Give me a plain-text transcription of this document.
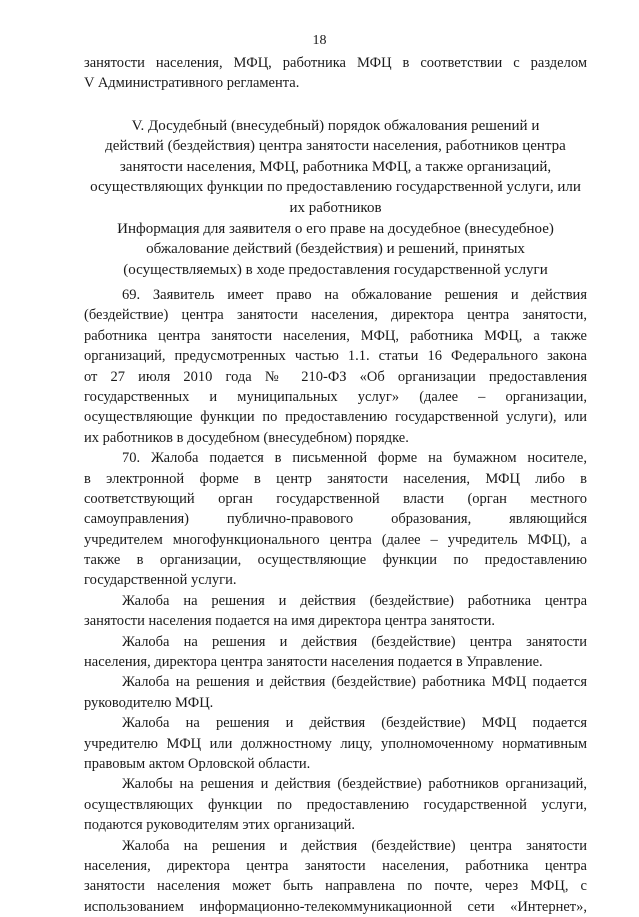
18
занятости населения, МФЦ, работника МФЦ в соответствии с разделом
V Административного регламента.
V. Досудебный (внесудебный) порядок обжалования решений и
действий (бездействия) центра занятости населения, работников центра
занятости населения, МФЦ, работника МФЦ, а также организаций,
осуществляющих функции по предоставлению государственной услуги, или
их работников
Информация для заявителя о его праве на досудебное (внесудебное)
обжалование действий (бездействия) и решений, принятых
(осуществляемых) в ходе предоставления государственной услуги
69. Заявитель имеет право на обжалование решения и действия
(бездействие) центра занятости населения, директора центра занятости,
работника центра занятости населения, МФЦ, работника МФЦ, а также
организаций, предусмотренных частью 1.1. статьи 16 Федерального закона
от 27 июля 2010 года № 210-ФЗ «Об организации предоставления
государственных и муниципальных услуг» (далее – организации,
осуществляющие функции по предоставлению государственной услуги), или
их работников в досудебном (внесудебном) порядке.
70. Жалоба подается в письменной форме на бумажном носителе,
в электронной форме в центр занятости населения, МФЦ либо в
соответствующий орган государственной власти (орган местного
самоуправления) публично-правового образования, являющийся
учредителем многофункционального центра (далее – учредитель МФЦ), а
также в организации, осуществляющие функции по предоставлению
государственной услуги.
Жалоба на решения и действия (бездействие) работника центра
занятости населения подается на имя директора центра занятости.
Жалоба на решения и действия (бездействие) центра занятости
населения, директора центра занятости населения подается в Управление.
Жалоба на решения и действия (бездействие) работника МФЦ подается
руководителю МФЦ.
Жалоба на решения и действия (бездействие) МФЦ подается
учредителю МФЦ или должностному лицу, уполномоченному нормативным
правовым актом Орловской области.
Жалобы на решения и действия (бездействие) работников организаций,
осуществляющих функции по предоставлению государственной услуги,
подаются руководителям этих организаций.
Жалоба на решения и действия (бездействие) центра занятости
населения, директора центра занятости населения, работника центра
занятости населения может быть направлена по почте, через МФЦ, с
использованием информационно-телекоммуникационной сети «Интернет»,
